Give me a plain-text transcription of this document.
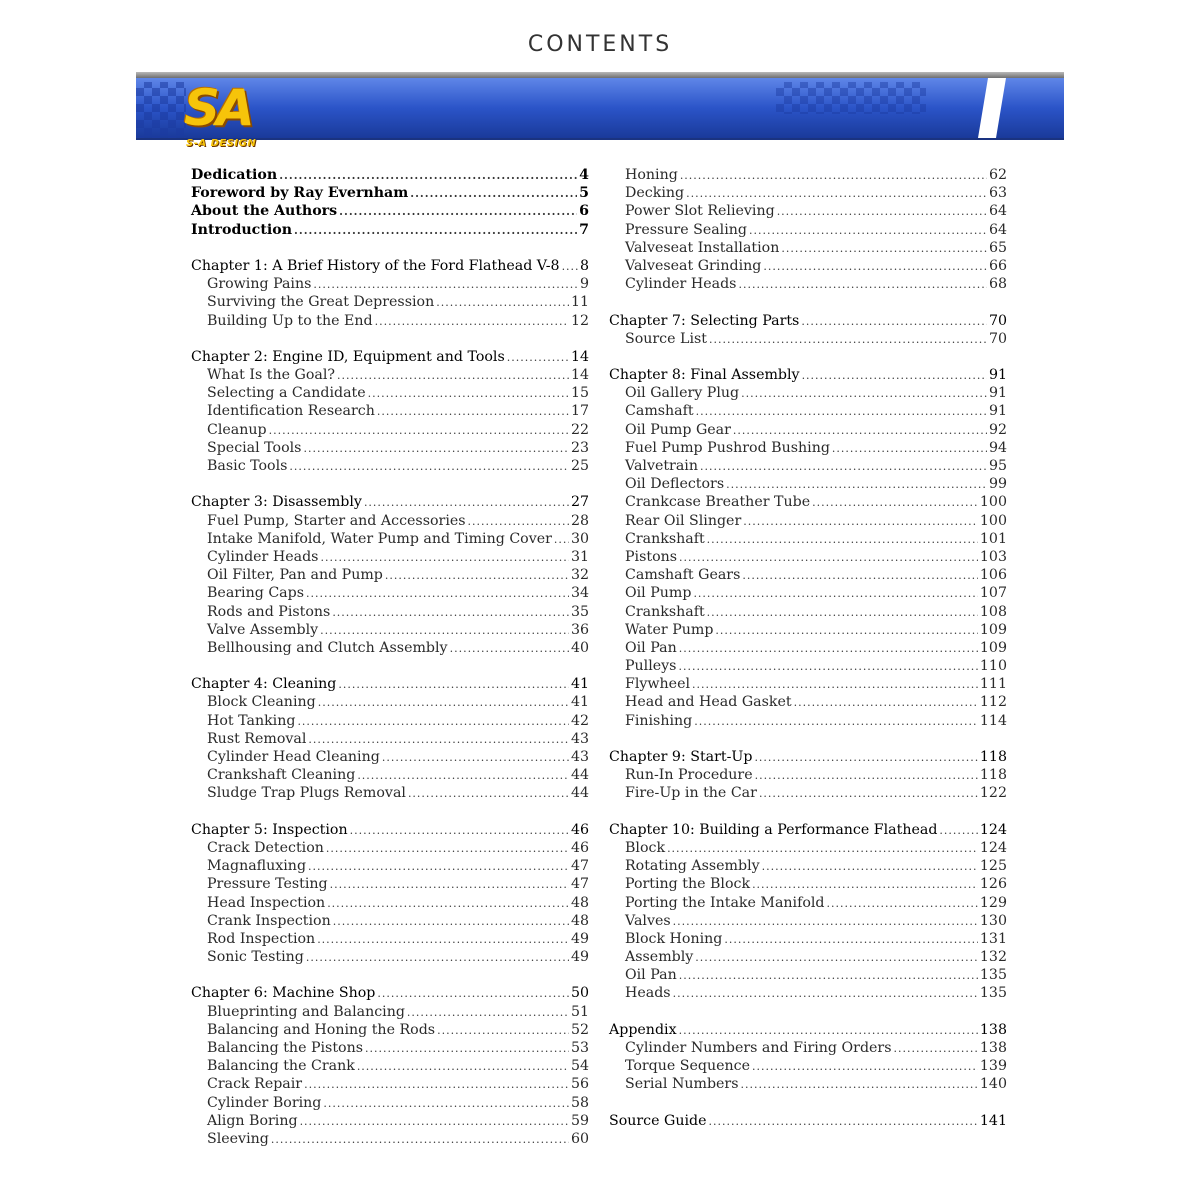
CONTENTS
SA
S-A DESIGN
Dedication .....	4
Foreword by Ray Evernham .....	5
About the Authors .....	6
Introduction .....	7
Chapter 1: A Brief History of the Ford Flathead V-8 ..... 8
Growing Pains .....	9
Surviving the Great Depression .....	11
Building Up to the End .....	12
Chapter 2: Engine ID, Equipment and Tools .....	14
What Is the Goal? .....	14
Selecting a Candidate .....	15
Identification Research .....	17
Cleanup .....	22
Special Tools .....	23
Basic Tools .....	25
Chapter 3: Disassembly .....	27
Fuel Pump, Starter and Accessories .....	28
Intake Manifold, Water Pump and Timing Cover ..... 30
Cylinder Heads .....	31
Oil Filter, Pan and Pump .....	32
Bearing Caps .....	34
Rods and Pistons .....	35
Valve Assembly .....	36
Bellhousing and Clutch Assembly .....	40
Chapter 4: Cleaning .....	41
Block Cleaning .....	41
Hot Tanking .....	42
Rust Removal .....	43
Cylinder Head Cleaning .....	43
Crankshaft Cleaning .....	44
Sludge Trap Plugs Removal .....	44
Chapter 5: Inspection .....	46
Crack Detection .....	46
Magnafluxing .....	47
Pressure Testing .....	47
Head Inspection .....	48
Crank Inspection .....	48
Rod Inspection .....	49
Sonic Testing .....	49
Chapter 6: Machine Shop .....	50
Blueprinting and Balancing .....	51
Balancing and Honing the Rods .....	52
Balancing the Pistons .....	53
Balancing the Crank .....	54
Crack Repair .....	56
Cylinder Boring .....	58
Align Boring .....	59
Sleeving .....	60
Honing .....	62
Decking .....	63
Power Slot Relieving .....	64
Pressure Sealing .....	64
Valveseat Installation .....	65
Valveseat Grinding .....	66
Cylinder Heads .....	68
Chapter 7: Selecting Parts .....	70
Source List .....	70
Chapter 8: Final Assembly .....	91
Oil Gallery Plug .....	91
Camshaft .....	91
Oil Pump Gear .....	92
Fuel Pump Pushrod Bushing .....	94
Valvetrain .....	95
Oil Deflectors .....	99
Crankcase Breather Tube .....	100
Rear Oil Slinger .....	100
Crankshaft .....	101
Pistons .....	103
Camshaft Gears .....	106
Oil Pump .....	107
Crankshaft .....	108
Water Pump .....	109
Oil Pan .....	109
Pulleys .....	110
Flywheel .....	111
Head and Head Gasket .....	112
Finishing .....	114
Chapter 9: Start-Up .....	118
Run-In Procedure .....	118
Fire-Up in the Car .....	122
Chapter 10: Building a Performance Flathead .....	124
Block .....	124
Rotating Assembly .....	125
Porting the Block .....	126
Porting the Intake Manifold .....	129
Valves .....	130
Block Honing .....	131
Assembly .....	132
Oil Pan .....	135
Heads .....	135
Appendix .....	138
Cylinder Numbers and Firing Orders .....	138
Torque Sequence .....	139
Serial Numbers .....	140
Source Guide .....	141
